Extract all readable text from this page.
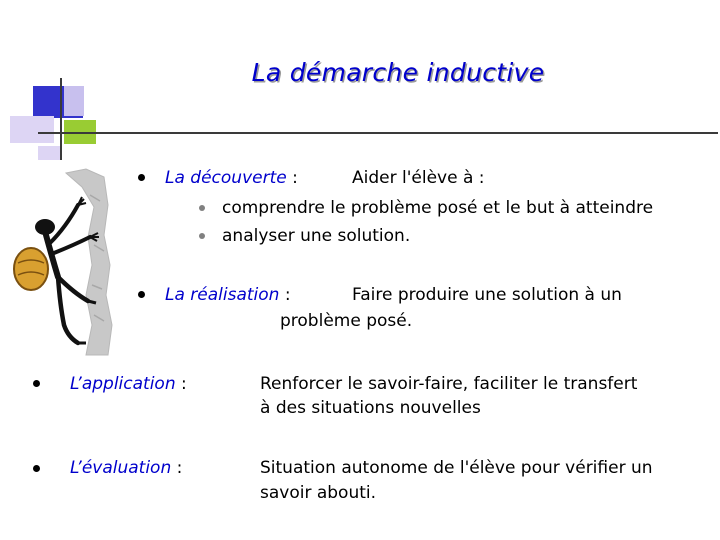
La démarche inductive
La découverte :	Aider l'élève à :
comprendre le problème posé et le but à atteindre
analyser une solution.
La réalisation :	Faire produire une solution à un
problème posé.
L’application :	Renforcer le savoir-faire, faciliter le transfert
à des situations nouvelles
L’évaluation :	Situation autonome de l'élève pour vérifier un
savoir abouti.
